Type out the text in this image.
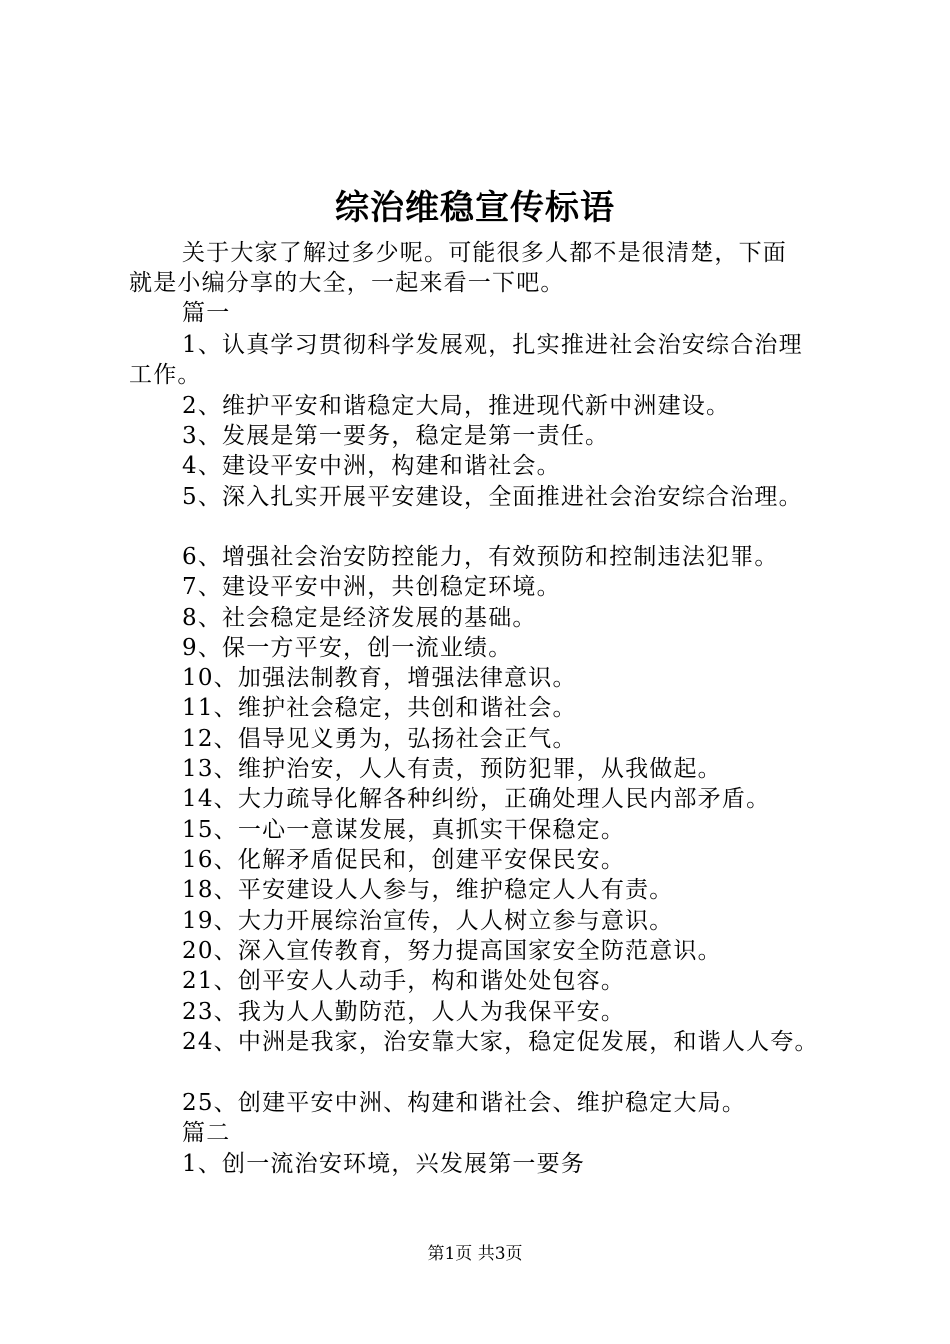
综治维稳宣传标语
关于大家了解过多少呢。可能很多人都不是很清楚，下面
就是小编分享的大全，一起来看一下吧。
篇一
1、认真学习贯彻科学发展观，扎实推进社会治安综合治理
工作。
2、维护平安和谐稳定大局，推进现代新中洲建设。
3、发展是第一要务，稳定是第一责任。
4、建设平安中洲，构建和谐社会。
5、深入扎实开展平安建设，全面推进社会治安综合治理。
6、增强社会治安防控能力，有效预防和控制违法犯罪。
7、建设平安中洲，共创稳定环境。
8、社会稳定是经济发展的基础。
9、保一方平安，创一流业绩。
10、加强法制教育，增强法律意识。
11、维护社会稳定，共创和谐社会。
12、倡导见义勇为，弘扬社会正气。
13、维护治安，人人有责，预防犯罪，从我做起。
14、大力疏导化解各种纠纷，正确处理人民内部矛盾。
15、一心一意谋发展，真抓实干保稳定。
16、化解矛盾促民和，创建平安保民安。
18、平安建设人人参与，维护稳定人人有责。
19、大力开展综治宣传，人人树立参与意识。
20、深入宣传教育，努力提高国家安全防范意识。
21、创平安人人动手，构和谐处处包容。
23、我为人人勤防范，人人为我保平安。
24、中洲是我家，治安靠大家，稳定促发展，和谐人人夸。
25、创建平安中洲、构建和谐社会、维护稳定大局。
篇二
1、创一流治安环境，兴发展第一要务
第1页 共3页
